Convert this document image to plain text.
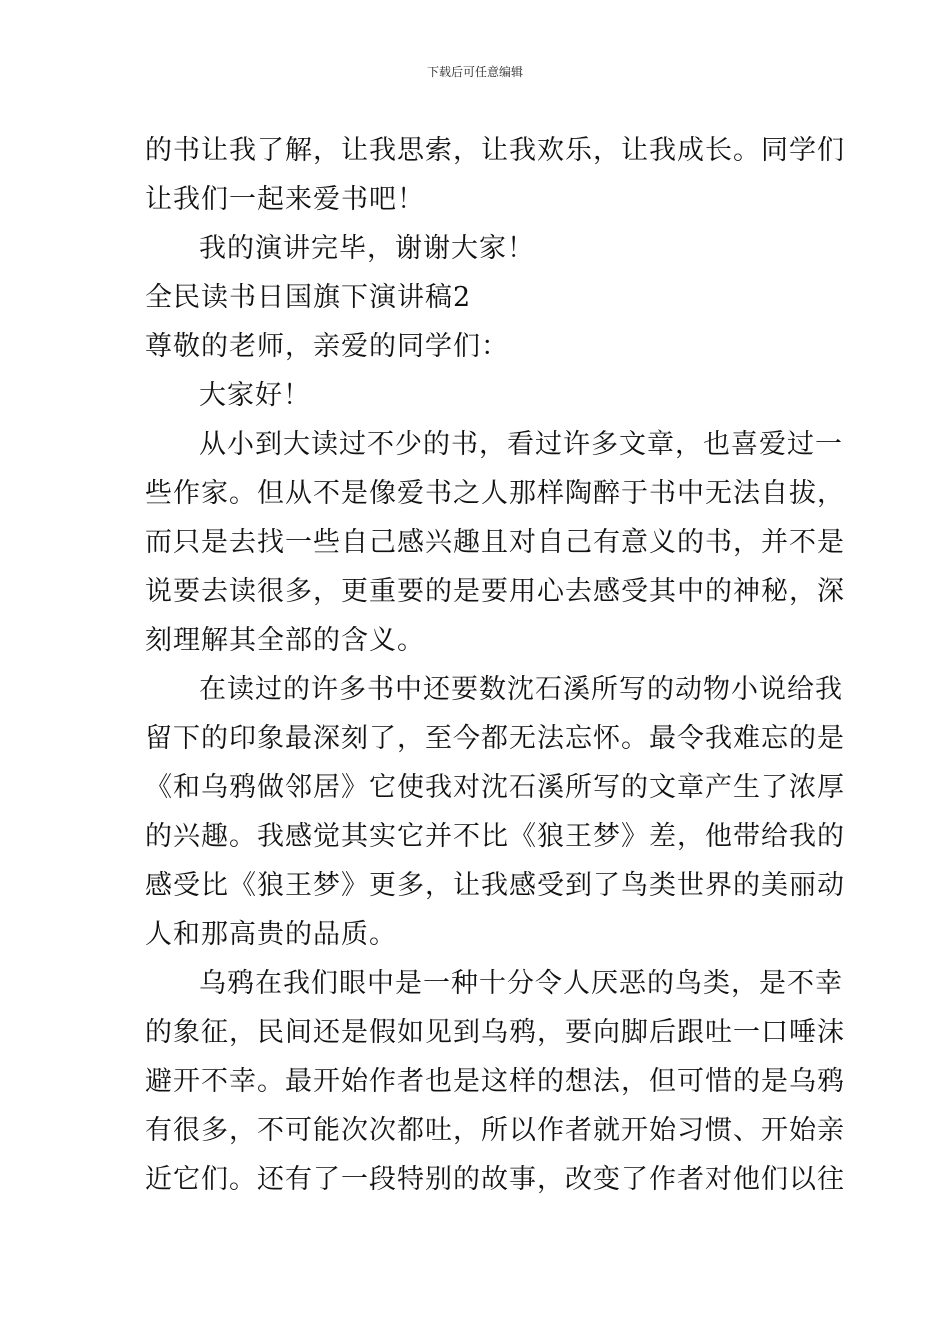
下载后可任意编辑
的书让我了解，让我思索，让我欢乐，让我成长。同学们
让我们一起来爱书吧！
我的演讲完毕，谢谢大家！
全民读书日国旗下演讲稿2
尊敬的老师，亲爱的同学们：
大家好！
从小到大读过不少的书，看过许多文章，也喜爱过一
些作家。但从不是像爱书之人那样陶醉于书中无法自拔，
而只是去找一些自己感兴趣且对自己有意义的书，并不是
说要去读很多，更重要的是要用心去感受其中的神秘，深
刻理解其全部的含义。
在读过的许多书中还要数沈石溪所写的动物小说给我
留下的印象最深刻了，至今都无法忘怀。最令我难忘的是
《和乌鸦做邻居》它使我对沈石溪所写的文章产生了浓厚
的兴趣。我感觉其实它并不比《狼王梦》差，他带给我的
感受比《狼王梦》更多，让我感受到了鸟类世界的美丽动
人和那高贵的品质。
乌鸦在我们眼中是一种十分令人厌恶的鸟类，是不幸
的象征，民间还是假如见到乌鸦，要向脚后跟吐一口唾沫
避开不幸。最开始作者也是这样的想法，但可惜的是乌鸦
有很多，不可能次次都吐，所以作者就开始习惯、开始亲
近它们。还有了一段特别的故事，改变了作者对他们以往
